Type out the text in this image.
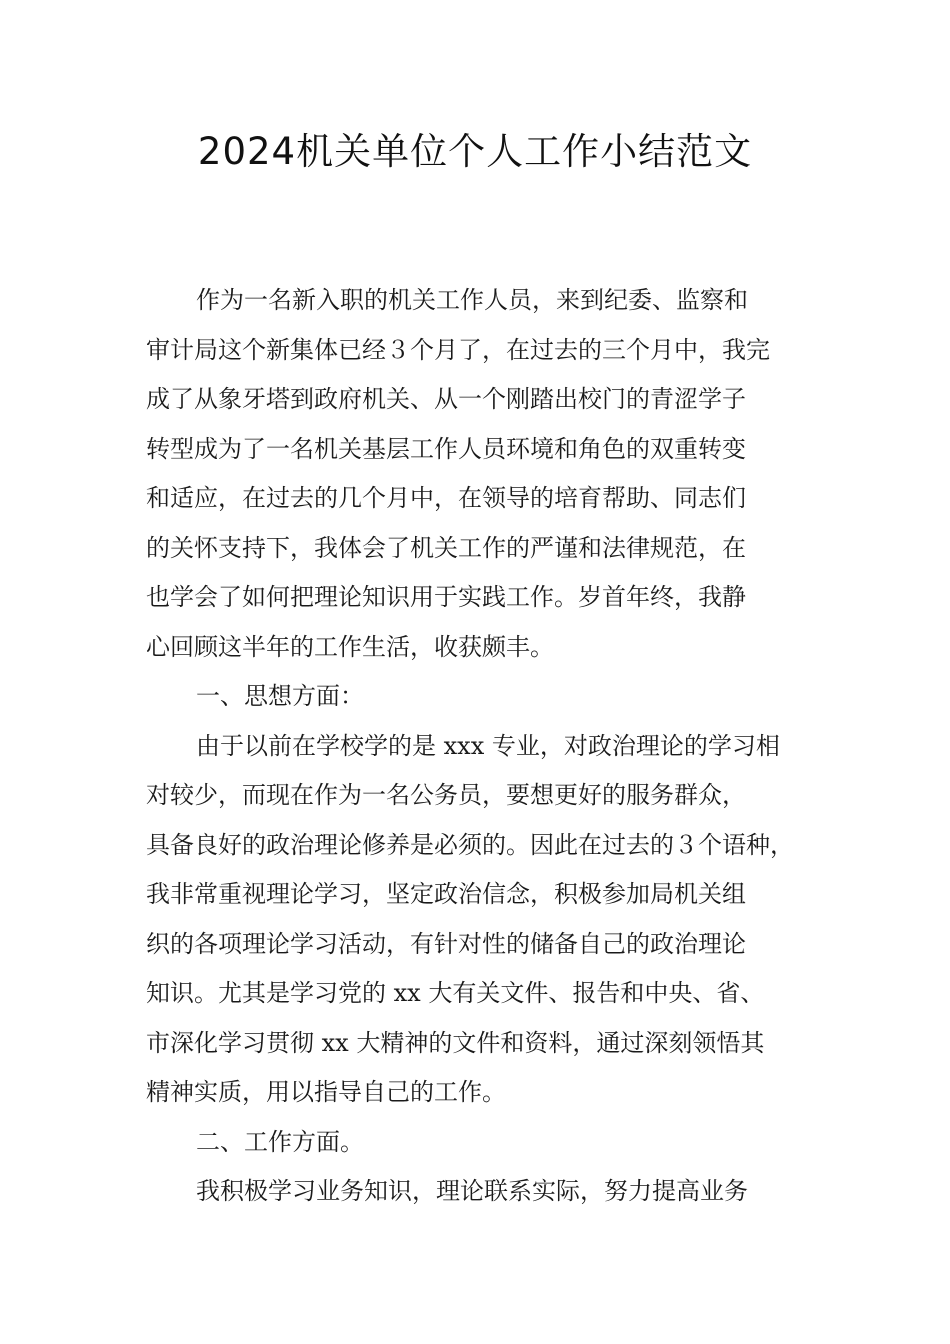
2024机关单位个人工作小结范文
作为一名新入职的机关工作人员，来到纪委、监察和
审计局这个新集体已经３个月了，在过去的三个月中，我完
成了从象牙塔到政府机关、从一个刚踏出校门的青涩学子
转型成为了一名机关基层工作人员环境和角色的双重转变
和适应，在过去的几个月中，在领导的培育帮助、同志们
的关怀支持下，我体会了机关工作的严谨和法律规范，在
也学会了如何把理论知识用于实践工作。岁首年终，我静
心回顾这半年的工作生活，收获颇丰。
一、思想方面：
由于以前在学校学的是 xxx 专业，对政治理论的学习相
对较少，而现在作为一名公务员，要想更好的服务群众，
具备良好的政治理论修养是必须的。因此在过去的３个语种，
我非常重视理论学习，坚定政治信念，积极参加局机关组
织的各项理论学习活动，有针对性的储备自己的政治理论
知识。尤其是学习党的 xx 大有关文件、报告和中央、省、
市深化学习贯彻 xx 大精神的文件和资料，通过深刻领悟其
精神实质，用以指导自己的工作。
二、工作方面。
我积极学习业务知识，理论联系实际，努力提高业务
